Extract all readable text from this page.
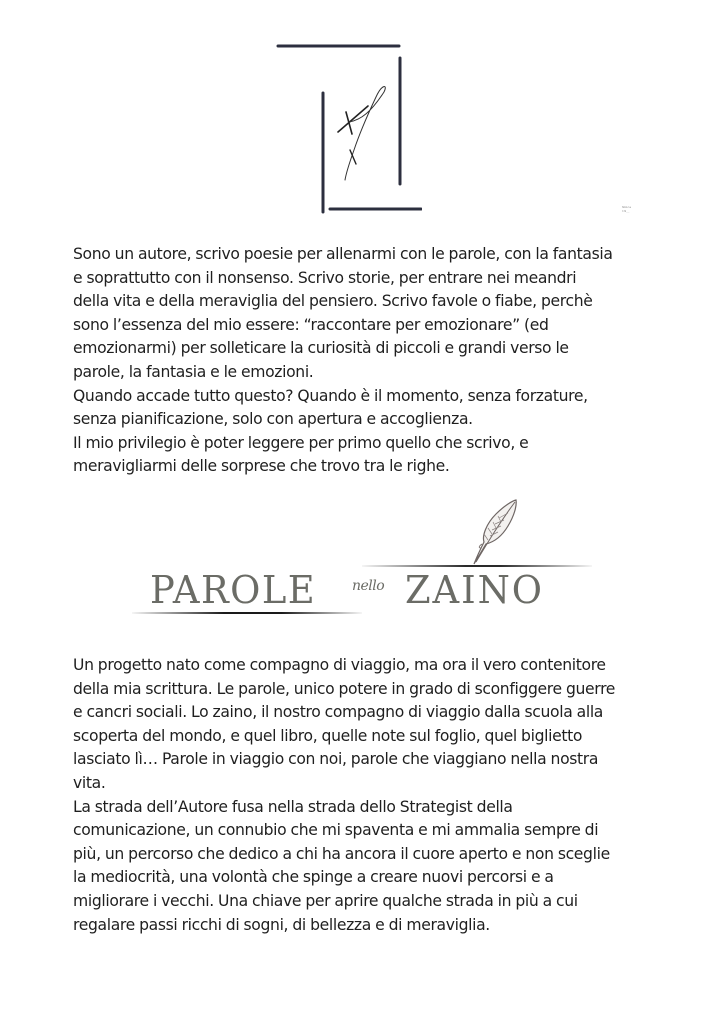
Since 19__
Sono un autore, scrivo poesie per allenarmi con le parole, con la fantasia
e soprattutto con il nonsenso. Scrivo storie, per entrare nei meandri
della vita e della meraviglia del pensiero. Scrivo favole o fiabe, perchè
sono l’essenza del mio essere: “raccontare per emozionare” (ed
emozionarmi) per solleticare la curiosità di piccoli e grandi verso le
parole, la fantasia e le emozioni.
Quando accade tutto questo? Quando è il momento, senza forzature,
senza pianificazione, solo con apertura e accoglienza.
Il mio privilegio è poter leggere per primo quello che scrivo, e
meravigliarmi delle sorprese che trovo tra le righe.
PAROLE	nello ZAINO
Un progetto nato come compagno di viaggio, ma ora il vero contenitore
della mia scrittura. Le parole, unico potere in grado di sconfiggere guerre
e cancri sociali. Lo zaino, il nostro compagno di viaggio dalla scuola alla
scoperta del mondo, e quel libro, quelle note sul foglio, quel biglietto
lasciato lì… Parole in viaggio con noi, parole che viaggiano nella nostra
vita.
La strada dell’Autore fusa nella strada dello Strategist della
comunicazione, un connubio che mi spaventa e mi ammalia sempre di
più, un percorso che dedico a chi ha ancora il cuore aperto e non sceglie
la mediocrità, una volontà che spinge a creare nuovi percorsi e a
migliorare i vecchi. Una chiave per aprire qualche strada in più a cui
regalare passi ricchi di sogni, di bellezza e di meraviglia.
